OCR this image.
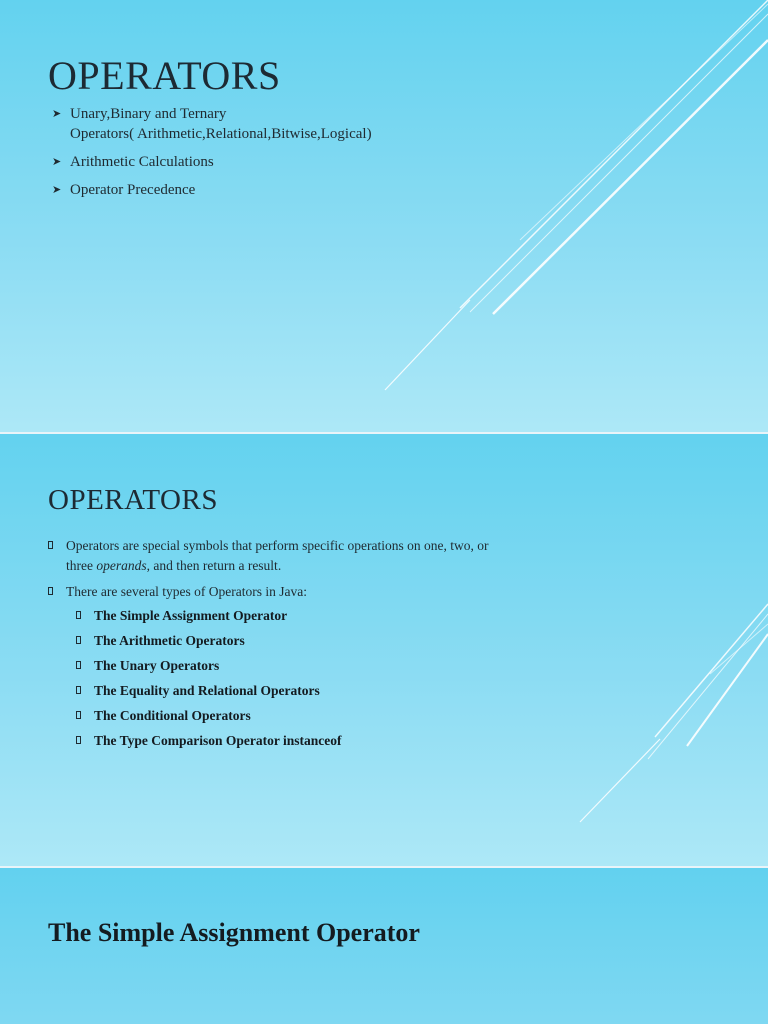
OPERATORS
➤ Unary,Binary and Ternary
Operators( Arithmetic,Relational,Bitwise,Logical)
➤ Arithmetic Calculations
➤ Operator Precedence
OPERATORS
Operators are special symbols that perform specific operations on one, two, or
three operands, and then return a result.
There are several types of Operators in Java:
The Simple Assignment Operator
The Arithmetic Operators
The Unary Operators
The Equality and Relational Operators
The Conditional Operators
The Type Comparison Operator instanceof
The Simple Assignment Operator
